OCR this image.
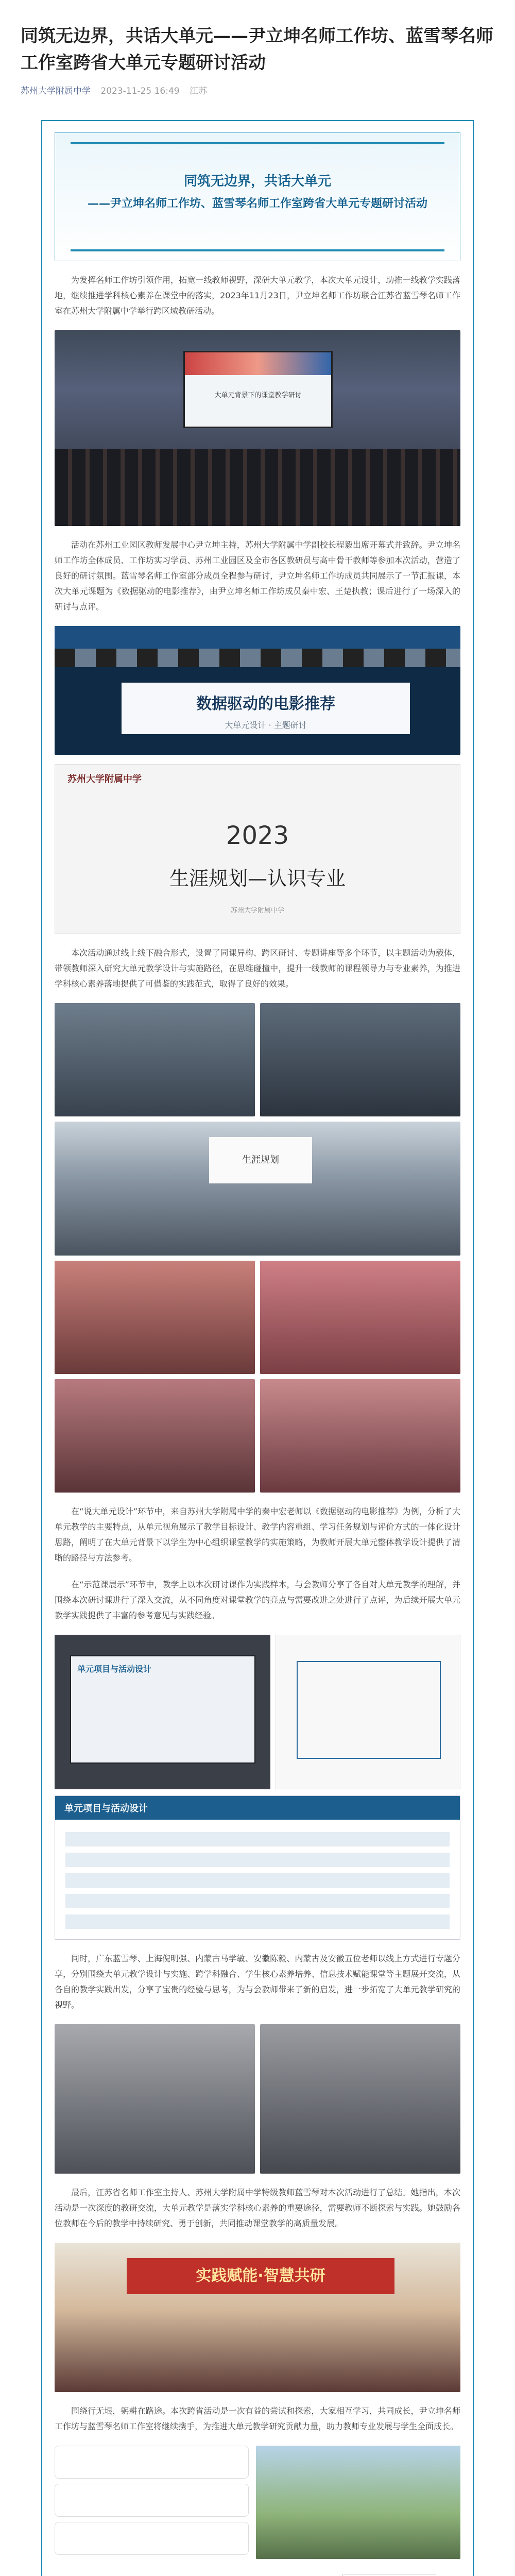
同筑无边界，共话大单元——尹立坤名师工作坊、蓝雪琴名师工作室跨省大单元专题研讨活动
苏州大学附属中学 2023-11-25 16:49 江苏
同筑无边界，共话大单元
——尹立坤名师工作坊、蓝雪琴名师工作室跨省大单元专题研讨活动

为发挥名师工作坊引领作用，拓宽一线教师视野，深研大单元教学，本次大单元设计，助推一线教学实践落地，继续推进学科核心素养在课堂中的落实，2023年11月23日，尹立坤名师工作坊联合江苏省蓝雪琴名师工作室在苏州大学附属中学举行跨区域教研活动。

大单元背景下的课堂教学研讨

活动在苏州工业园区教师发展中心尹立坤主持，苏州大学附属中学副校长程毅出席开幕式并致辞。尹立坤名师工作坊全体成员、工作坊实习学员、苏州工业园区及全市各区教研员与高中骨干教师等参加本次活动，营造了良好的研讨氛围。蓝雪琴名师工作室部分成员全程参与研讨，尹立坤名师工作坊成员共同展示了一节汇报课，本次大单元课题为《数据驱动的电影推荐》，由尹立坤名师工作坊成员秦中宏、王楚执教；课后进行了一场深入的研讨与点评。

数据驱动的电影推荐
大单元设计 · 主题研讨
苏州大学附属中学
2023
生涯规划—认识专业
苏州大学附属中学

本次活动通过线上线下融合形式，设置了同课异构、跨区研讨、专题讲座等多个环节，以主题活动为载体，带领教师深入研究大单元教学设计与实施路径，在思维碰撞中，提升一线教师的课程领导力与专业素养，为推进学科核心素养落地提供了可借鉴的实践范式，取得了良好的效果。

生涯规划

在“说大单元设计”环节中，来自苏州大学附属中学的秦中宏老师以《数据驱动的电影推荐》为例，分析了大单元教学的主要特点，从单元视角展示了教学目标设计、教学内容重组、学习任务规划与评价方式的一体化设计思路，阐明了在大单元背景下以学生为中心组织课堂教学的实施策略，为教师开展大单元整体教学设计提供了清晰的路径与方法参考。

在“示范课展示”环节中，教学上以本次研讨课作为实践样本，与会教师分享了各自对大单元教学的理解，并围绕本次研讨课进行了深入交流，从不同角度对课堂教学的亮点与需要改进之处进行了点评，为后续开展大单元教学实践提供了丰富的参考意见与实践经验。

单元项目与活动设计
单元项目与活动设计

同时，广东蓝雪琴、上海倪明强、内蒙古马学敏、安徽陈毅、内蒙古及安徽五位老师以线上方式进行专题分享，分别围绕大单元教学设计与实施、跨学科融合、学生核心素养培养、信息技术赋能课堂等主题展开交流，从各自的教学实践出发，分享了宝贵的经验与思考，为与会教师带来了新的启发，进一步拓宽了大单元教学研究的视野。

最后，江苏省名师工作室主持人、苏州大学附属中学特级教师蓝雪琴对本次活动进行了总结。她指出，本次活动是一次深度的教研交流，大单元教学是落实学科核心素养的重要途径，需要教师不断探索与实践。她鼓励各位教师在今后的教学中持续研究、勇于创新，共同推动课堂教学的高质量发展。

实践赋能·智慧共研

围绕行无垠，躬耕在路途。本次跨省活动是一次有益的尝试和探索，大家相互学习，共同成长，尹立坤名师工作坊与蓝雪琴名师工作室将继续携手，为推进大单元教学研究贡献力量，助力教师专业发展与学生全面成长。
